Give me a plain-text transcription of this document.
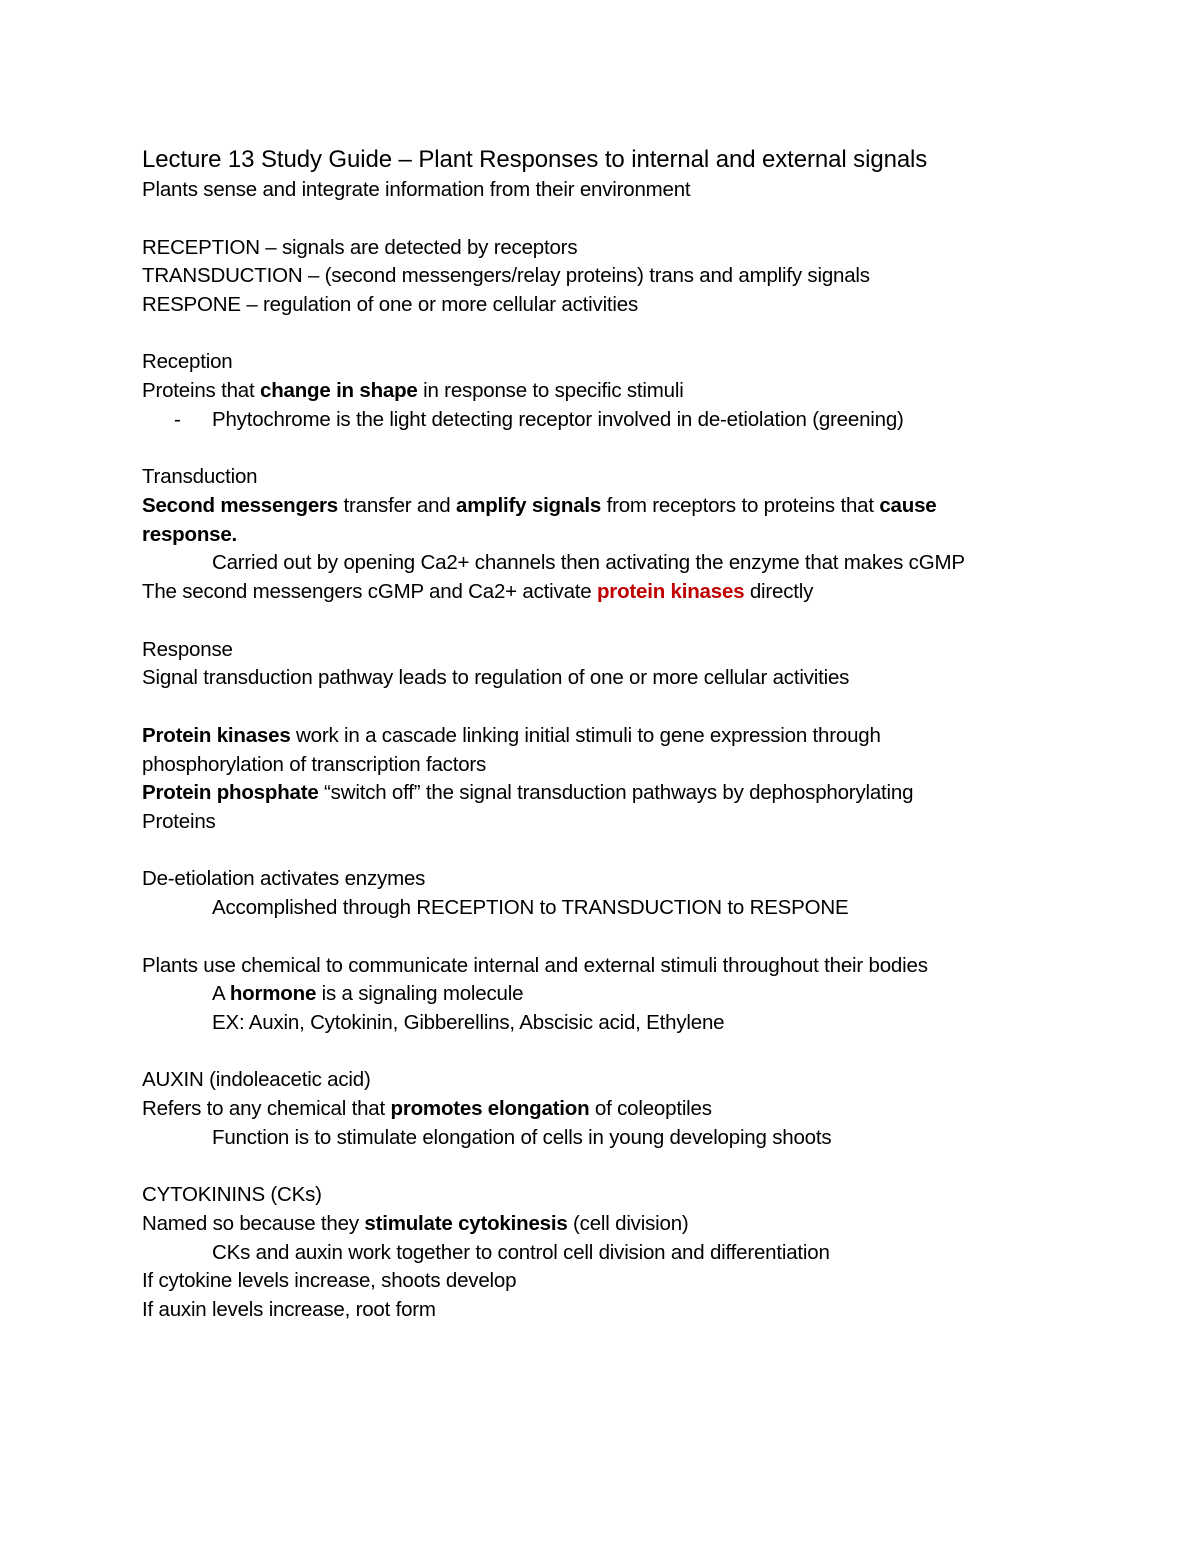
Lecture 13 Study Guide – Plant Responses to internal and external signals
Plants sense and integrate information from their environment
RECEPTION – signals are detected by receptors
TRANSDUCTION – (second messengers/relay proteins) trans and amplify signals
RESPONE – regulation of one or more cellular activities
Reception
Proteins that change in shape in response to specific stimuli
- Phytochrome is the light detecting receptor involved in de-etiolation (greening)
Transduction
Second messengers transfer and amplify signals from receptors to proteins that cause
response.
Carried out by opening Ca2+ channels then activating the enzyme that makes cGMP
The second messengers cGMP and Ca2+ activate protein kinases directly
Response
Signal transduction pathway leads to regulation of one or more cellular activities
Protein kinases work in a cascade linking initial stimuli to gene expression through
phosphorylation of transcription factors
Protein phosphate “switch off” the signal transduction pathways by dephosphorylating
Proteins
De-etiolation activates enzymes
Accomplished through RECEPTION to TRANSDUCTION to RESPONE
Plants use chemical to communicate internal and external stimuli throughout their bodies
A hormone is a signaling molecule
EX: Auxin, Cytokinin, Gibberellins, Abscisic acid, Ethylene
AUXIN (indoleacetic acid)
Refers to any chemical that promotes elongation of coleoptiles
Function is to stimulate elongation of cells in young developing shoots
CYTOKININS (CKs)
Named so because they stimulate cytokinesis (cell division)
CKs and auxin work together to control cell division and differentiation
If cytokine levels increase, shoots develop
If auxin levels increase, root form
